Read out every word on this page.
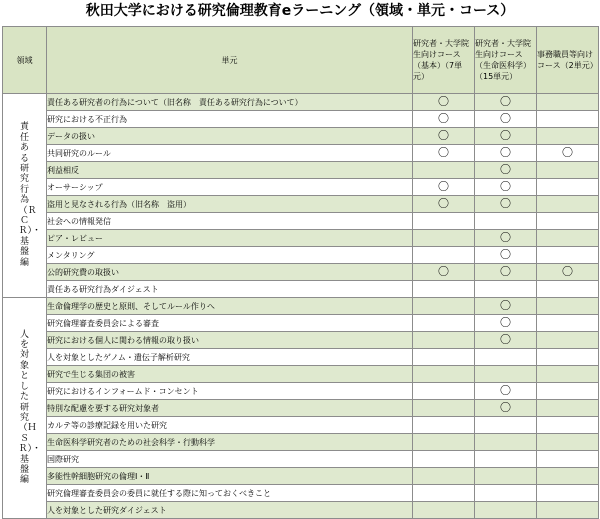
秋田大学における研究倫理教育eラーニング（領域・単元・コース）
領域	単元	研究者・大学院生向けコース（基本）（7単元）	研究者・大学院生向けコース（生命医科学）（15単元）	事務職員等向けコース（2単元）
責任ある研究行為（ＲＣＲ）・基盤編	責任ある研究者の行為について（旧名称　責任ある研究行為について）	〇	〇	
	研究における不正行為	〇	〇	
	データの扱い	〇	〇	
	共同研究のルール	〇	〇	〇
	利益相反		〇	
	オーサーシップ	〇	〇	
	盗用と見なされる行為（旧名称　盗用）	〇	〇	
	社会への情報発信			
	ピア・レビュー		〇	
	メンタリング		〇	
	公的研究費の取扱い	〇	〇	〇
	責任ある研究行為ダイジェスト			
人を対象とした研究（ＨＳＲ）・基盤編	生命倫理学の歴史と原則、そしてルール作りへ		〇	
	研究倫理審査委員会による審査		〇	
	研究における個人に関わる情報の取り扱い		〇	
	人を対象としたゲノム・遺伝子解析研究			
	研究で生じる集団の被害			
	研究におけるインフォームド・コンセント		〇	
	特別な配慮を要する研究対象者		〇	
	カルテ等の診療記録を用いた研究			
	生命医科学研究者のための社会科学・行動科学			
	国際研究			
	多能性幹細胞研究の倫理Ⅰ・Ⅱ			
	研究倫理審査委員会の委員に就任する際に知っておくべきこと			
	人を対象とした研究ダイジェスト			
